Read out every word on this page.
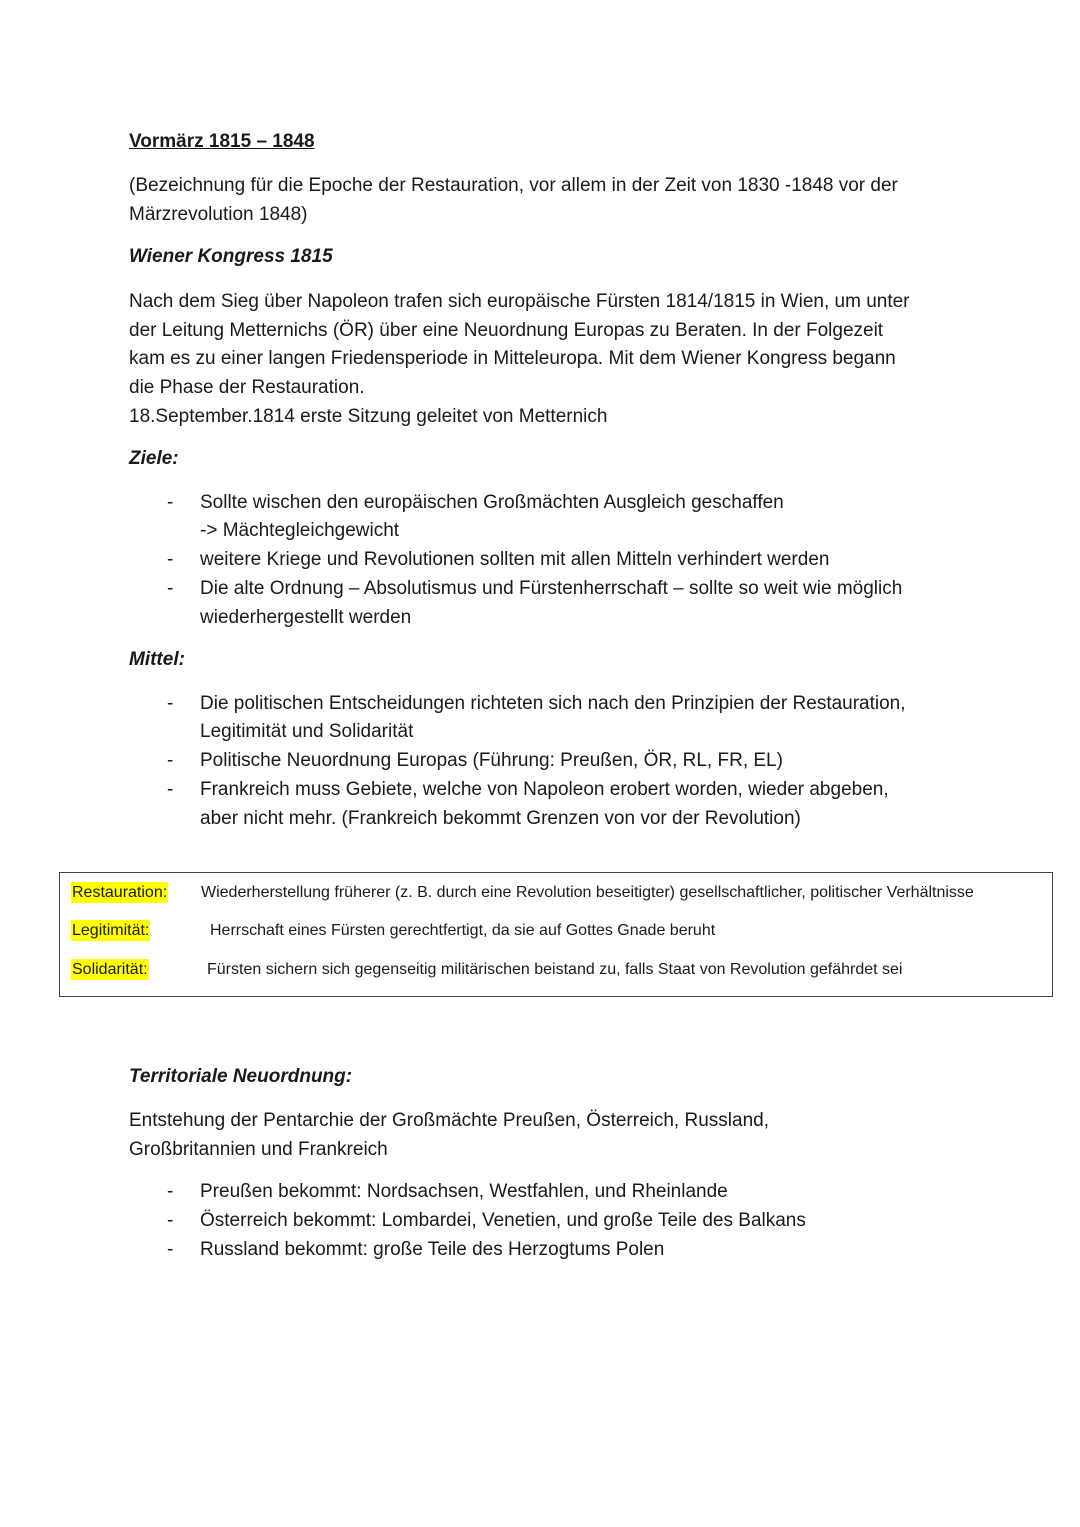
Vormärz 1815 – 1848
(Bezeichnung für die Epoche der Restauration, vor allem in der Zeit von 1830 -1848 vor der
Märzrevolution 1848)
Wiener Kongress 1815
Nach dem Sieg über Napoleon trafen sich europäische Fürsten 1814/1815 in Wien, um unter
der Leitung Metternichs (ÖR) über eine Neuordnung Europas zu Beraten. In der Folgezeit
kam es zu einer langen Friedensperiode in Mitteleuropa. Mit dem Wiener Kongress begann
die Phase der Restauration.
18.September.1814 erste Sitzung geleitet von Metternich
Ziele:
- Sollte wischen den europäischen Großmächten Ausgleich geschaffen
-> Mächtegleichgewicht
- weitere Kriege und Revolutionen sollten mit allen Mitteln verhindert werden
- Die alte Ordnung – Absolutismus und Fürstenherrschaft – sollte so weit wie möglich
wiederhergestellt werden
Mittel:
- Die politischen Entscheidungen richteten sich nach den Prinzipien der Restauration,
Legitimität und Solidarität
- Politische Neuordnung Europas (Führung: Preußen, ÖR, RL, FR, EL)
- Frankreich muss Gebiete, welche von Napoleon erobert worden, wieder abgeben,
aber nicht mehr. (Frankreich bekommt Grenzen von vor der Revolution)
Restauration: Wiederherstellung früherer (z. B. durch eine Revolution beseitigter) gesellschaftlicher, politischer Verhältnisse
Legitimität:	Herrschaft eines Fürsten gerechtfertigt, da sie auf Gottes Gnade beruht
Solidarität:	Fürsten sichern sich gegenseitig militärischen beistand zu, falls Staat von Revolution gefährdet sei
Territoriale Neuordnung:
Entstehung der Pentarchie der Großmächte Preußen, Österreich, Russland,
Großbritannien und Frankreich
- Preußen bekommt: Nordsachsen, Westfahlen, und Rheinlande
- Österreich bekommt: Lombardei, Venetien, und große Teile des Balkans
- Russland bekommt: große Teile des Herzogtums Polen
